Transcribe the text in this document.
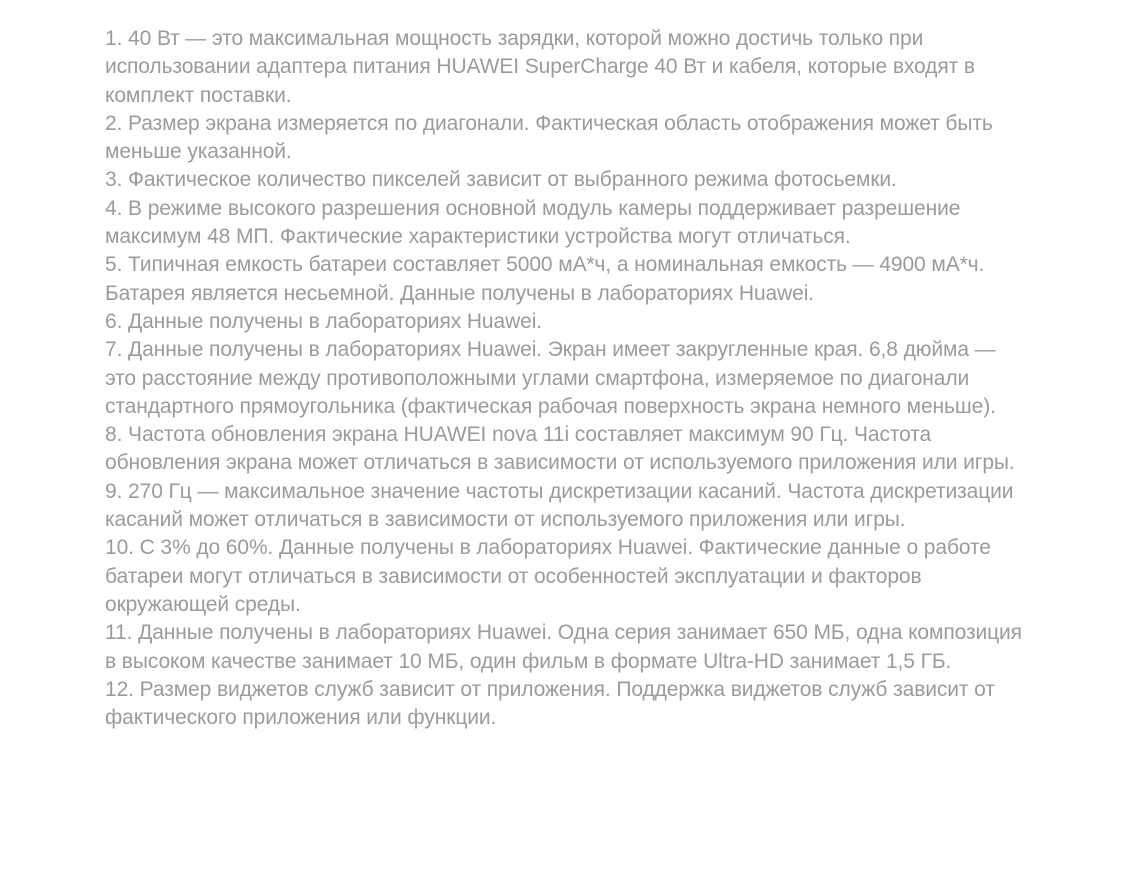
1. 40 Вт — это максимальная мощность зарядки, которой можно достичь только при использовании адаптера питания HUAWEI SuperCharge 40 Вт и кабеля, которые входят в комплект поставки.

2. Размер экрана измеряется по диагонали. Фактическая область отображения может быть меньше указанной.

3. Фактическое количество пикселей зависит от выбранного режима фотосьемки.

4. В режиме высокого разрешения основной модуль камеры поддерживает разрешение максимум 48 МП. Фактические характеристики устройства могут отличаться.

5. Типичная емкость батареи составляет 5000 мА*ч, а номинальная емкость — 4900 мА*ч. Батарея является несьемной. Данные получены в лабораториях Huawei.

6. Данные получены в лабораториях Huawei.

7. Данные получены в лабораториях Huawei. Экран имеет закругленные края. 6,8 дюйма — это расстояние между противоположными углами смартфона, измеряемое по диагонали стандартного прямоугольника (фактическая рабочая поверхность экрана немного меньше).

8. Частота обновления экрана HUAWEI nova 11i составляет максимум 90 Гц. Частота обновления экрана может отличаться в зависимости от используемого приложения или игры.

9. 270 Гц — максимальное значение частоты дискретизации касаний. Частота дискретизации касаний может отличаться в зависимости от используемого приложения или игры.

10. С 3% до 60%. Данные получены в лабораториях Huawei. Фактические данные о работе батареи могут отличаться в зависимости от особенностей эксплуатации и факторов окружающей среды.

11. Данные получены в лабораториях Huawei. Одна серия занимает 650 МБ, одна композиция в высоком качестве занимает 10 МБ, один фильм в формате Ultra-HD занимает 1,5 ГБ.

12. Размер виджетов служб зависит от приложения. Поддержка виджетов служб зависит от фактического приложения или функции.
